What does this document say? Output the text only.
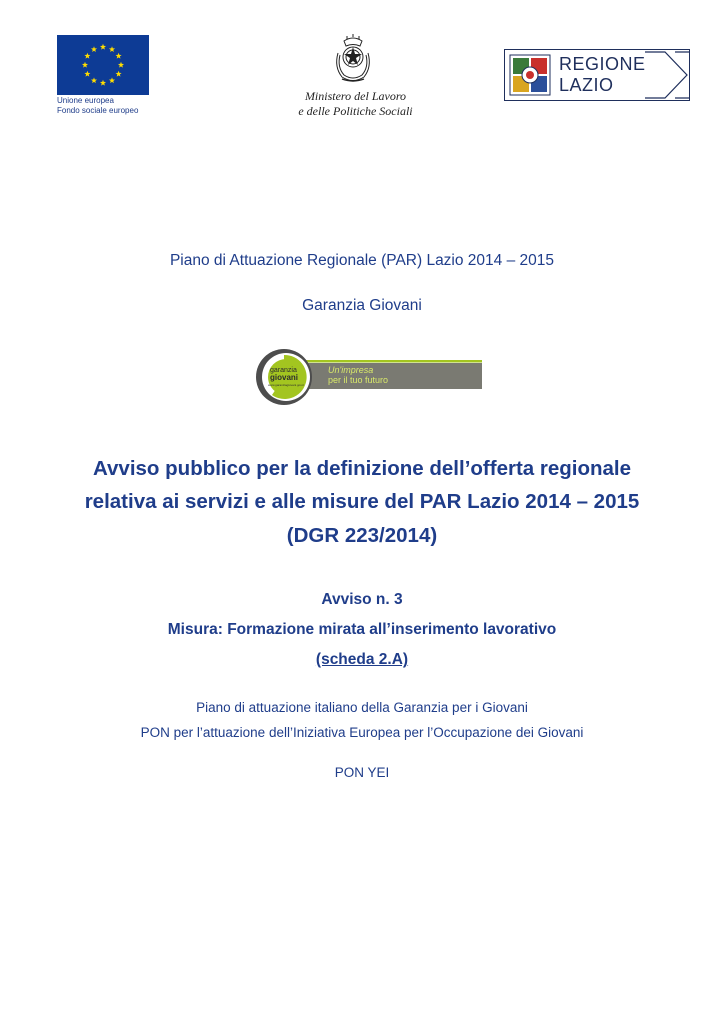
Unione europea
Fondo sociale europeo
Ministero del Lavoro
e delle Politiche Sociali
REGIONE
LAZIO
Piano di Attuazione Regionale (PAR) Lazio 2014 – 2015
Garanzia Giovani
garanzia
giovani
www.garanziagiovani.gov.it
Un'impresa
per il tuo futuro
Avviso pubblico per la definizione dell’offerta regionale
relativa ai servizi e alle misure del PAR Lazio 2014 – 2015
(DGR 223/2014)
Avviso n. 3
Misura: Formazione mirata all’inserimento lavorativo
(scheda 2.A)
Piano di attuazione italiano della Garanzia per i Giovani
PON per l’attuazione dell’Iniziativa Europea per l’Occupazione dei Giovani
PON YEI
